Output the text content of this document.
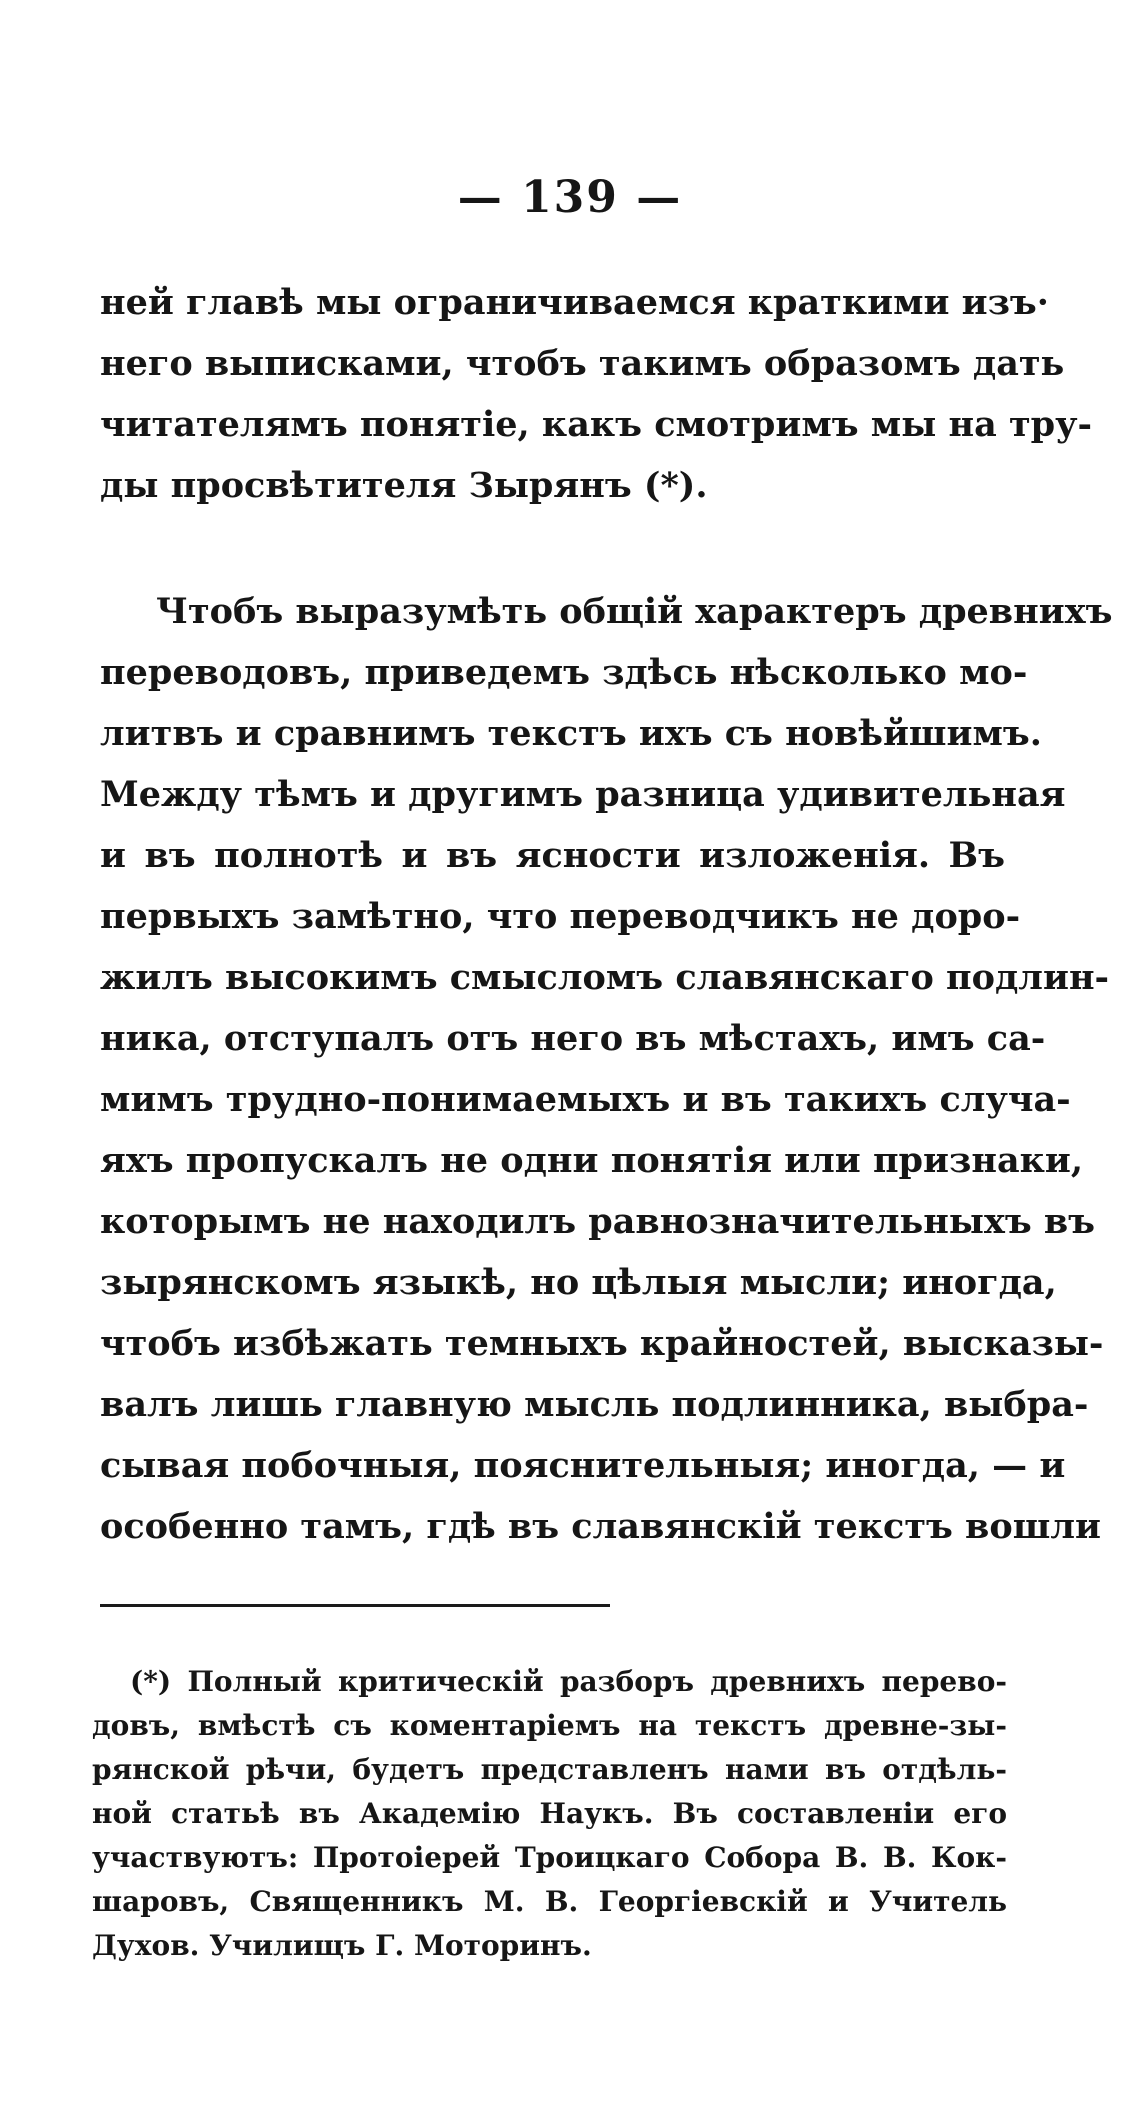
— 139 —
ней главѣ мы ограничиваемся краткими изъ·
него выписками, чтобъ такимъ образомъ дать
читателямъ понятіе, какъ смотримъ мы на тру-
ды просвѣтителя Зырянъ (*).
Чтобъ выразумѣть общій характеръ древнихъ
переводовъ, приведемъ здѣсь нѣсколько мо-
литвъ и сравнимъ текстъ ихъ съ новѣйшимъ.
Между тѣмъ и другимъ разница удивительная
и въ полнотѣ и въ ясности изложенія. Въ
первыхъ замѣтно, что переводчикъ не доро-
жилъ высокимъ смысломъ славянскаго подлин-
ника, отступалъ отъ него въ мѣстахъ, имъ са-
мимъ трудно-понимаемыхъ и въ такихъ случа-
яхъ пропускалъ не одни понятія или признаки,
которымъ не находилъ равнозначительныхъ въ
зырянскомъ языкѣ, но цѣлыя мысли; иногда,
чтобъ избѣжать темныхъ крайностей, высказы-
валъ лишь главную мысль подлинника, выбра-
сывая побочныя, пояснительныя; иногда, — и
особенно тамъ, гдѣ въ славянскій текстъ вошли
(*) Полный критическій разборъ древнихъ перево-
довъ, вмѣстѣ съ коментаріемъ на текстъ древне-зы-
рянской рѣчи, будетъ представленъ нами въ отдѣль-
ной статьѣ въ Академію Наукъ. Въ составленіи его
участвуютъ: Протоіерей Троицкаго Собора В. В. Кок-
шаровъ, Священникъ М. В. Георгіевскій и Учитель
Духов. Училищъ Г. Моторинъ.
